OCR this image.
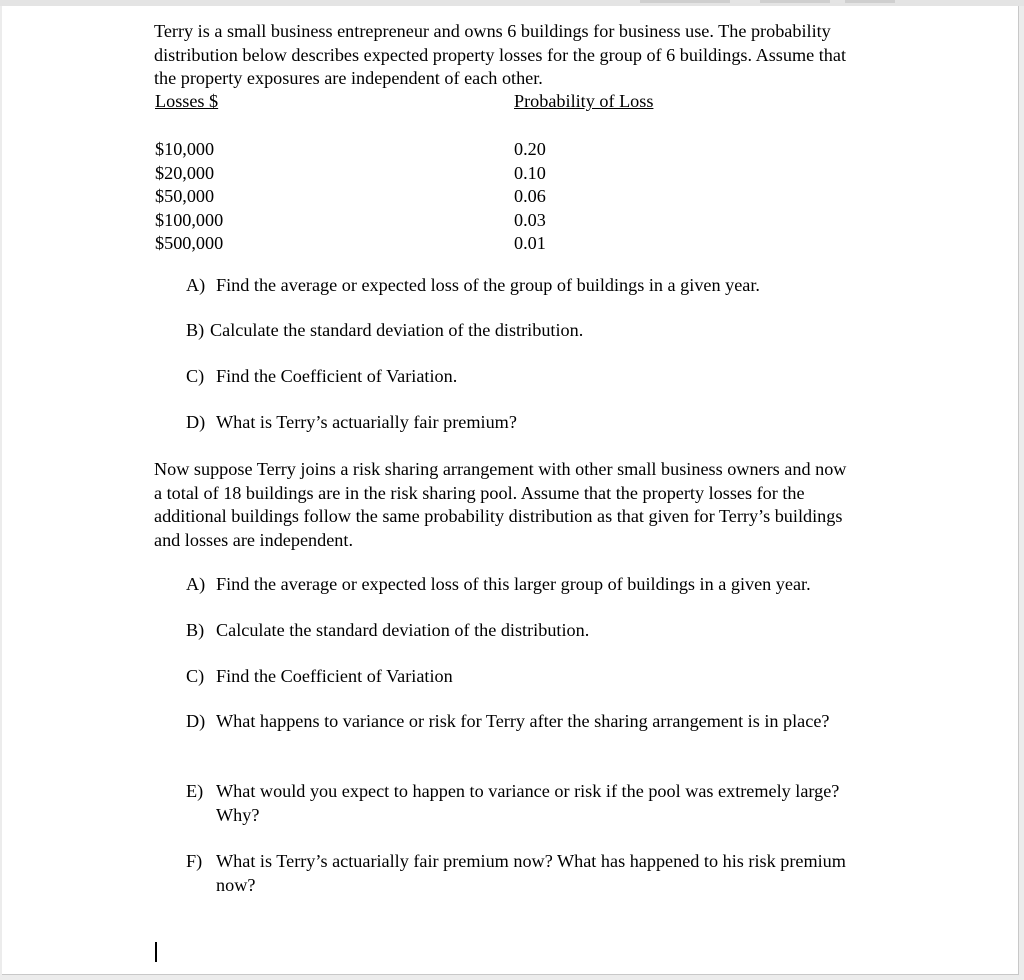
Terry is a small business entrepreneur and owns 6 buildings for business use. The probability distribution below describes expected property losses for the group of 6 buildings. Assume that the property exposures are independent of each other.

Losses $	Probability of Loss
$10,000
$20,000
$50,000
$100,000
$500,000
0.20
0.10
0.06
0.03
0.01
A) Find the average or expected loss of the group of buildings in a given year.
B) Calculate the standard deviation of the distribution.
C) Find the Coefficient of Variation.
D) What is Terry’s actuarially fair premium?

Now suppose Terry joins a risk sharing arrangement with other small business owners and now a total of 18 buildings are in the risk sharing pool. Assume that the property losses for the additional buildings follow the same probability distribution as that given for Terry’s buildings and losses are independent.

A) Find the average or expected loss of this larger group of buildings in a given year.
B) Calculate the standard deviation of the distribution.
C) Find the Coefficient of Variation
D) What happens to variance or risk for Terry after the sharing arrangement is in place?
E) What would you expect to happen to variance or risk if the pool was extremely large? Why?
F) What is Terry’s actuarially fair premium now? What has happened to his risk premium now?
